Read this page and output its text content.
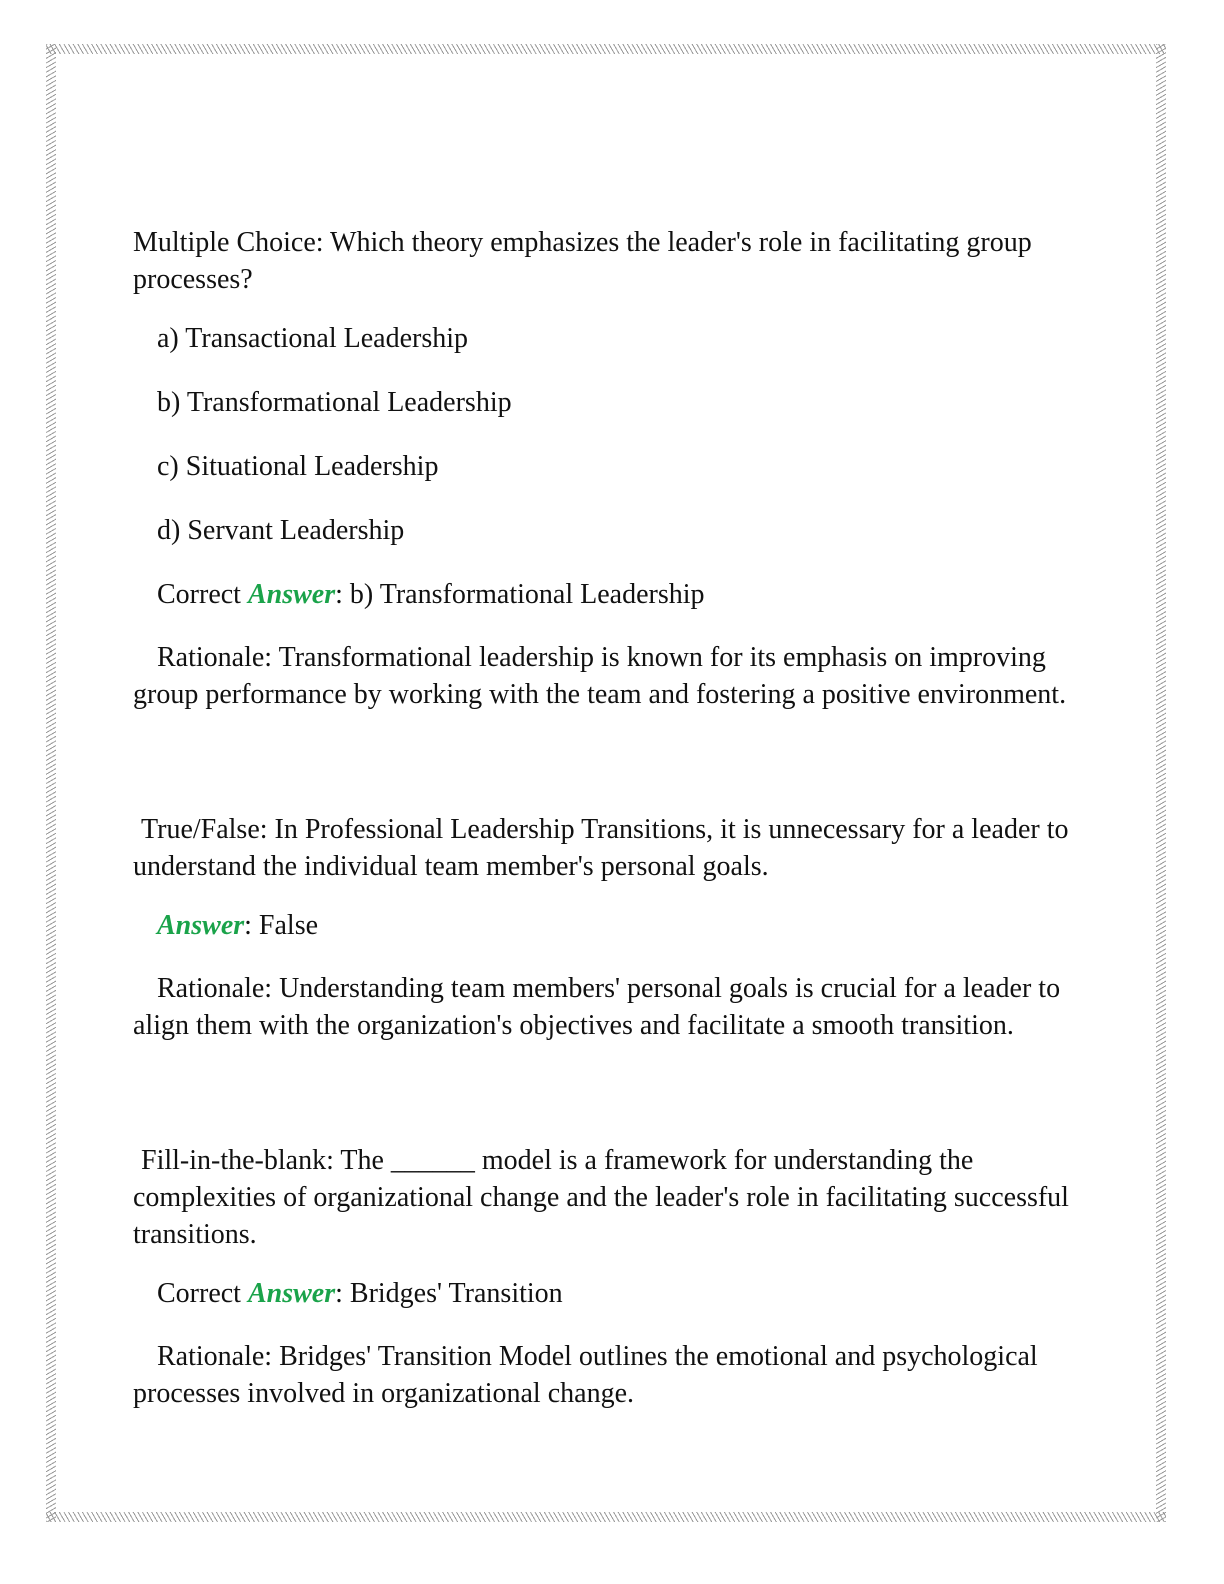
Multiple Choice: Which theory emphasizes the leader's role in facilitating group processes?

a) Transactional Leadership

b) Transformational Leadership

c) Situational Leadership

d) Servant Leadership

Correct Answer: b) Transformational Leadership

Rationale: Transformational leadership is known for its emphasis on improving group performance by working with the team and fostering a positive environment.

True/False: In Professional Leadership Transitions, it is unnecessary for a leader to understand the individual team member's personal goals.

Answer: False

Rationale: Understanding team members' personal goals is crucial for a leader to align them with the organization's objectives and facilitate a smooth transition.

Fill-in-the-blank: The ______ model is a framework for understanding the complexities of organizational change and the leader's role in facilitating successful transitions.

Correct Answer: Bridges' Transition

Rationale: Bridges' Transition Model outlines the emotional and psychological processes involved in organizational change.
